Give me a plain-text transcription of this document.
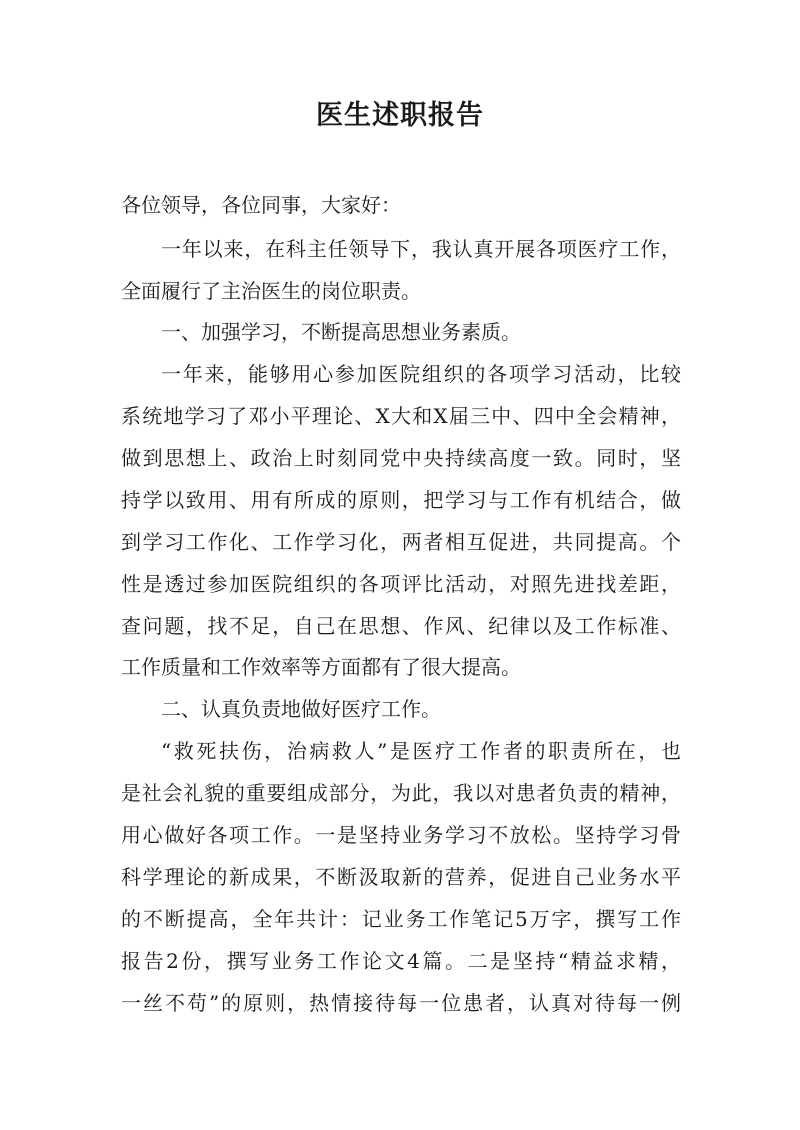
医生述职报告

各位领导，各位同事，大家好：

一年以来，在科主任领导下，我认真开展各项医疗工作，

全面履行了主治医生的岗位职责。

一、加强学习，不断提高思想业务素质。

一年来，能够用心参加医院组织的各项学习活动，比较

系统地学习了邓小平理论、X大和X届三中、四中全会精神，

做到思想上、政治上时刻同党中央持续高度一致。同时，坚

持学以致用、用有所成的原则，把学习与工作有机结合，做

到学习工作化、工作学习化，两者相互促进，共同提高。个

性是透过参加医院组织的各项评比活动，对照先进找差距，

查问题，找不足，自己在思想、作风、纪律以及工作标准、

工作质量和工作效率等方面都有了很大提高。

二、认真负责地做好医疗工作。

“救死扶伤，治病救人”是医疗工作者的职责所在，也

是社会礼貌的重要组成部分，为此，我以对患者负责的精神，

用心做好各项工作。一是坚持业务学习不放松。坚持学习骨

科学理论的新成果，不断汲取新的营养，促进自己业务水平

的不断提高，全年共计：记业务工作笔记5万字，撰写工作

报告2份，撰写业务工作论文4篇。二是坚持“精益求精，

一丝不苟”的原则，热情接待每一位患者，认真对待每一例
